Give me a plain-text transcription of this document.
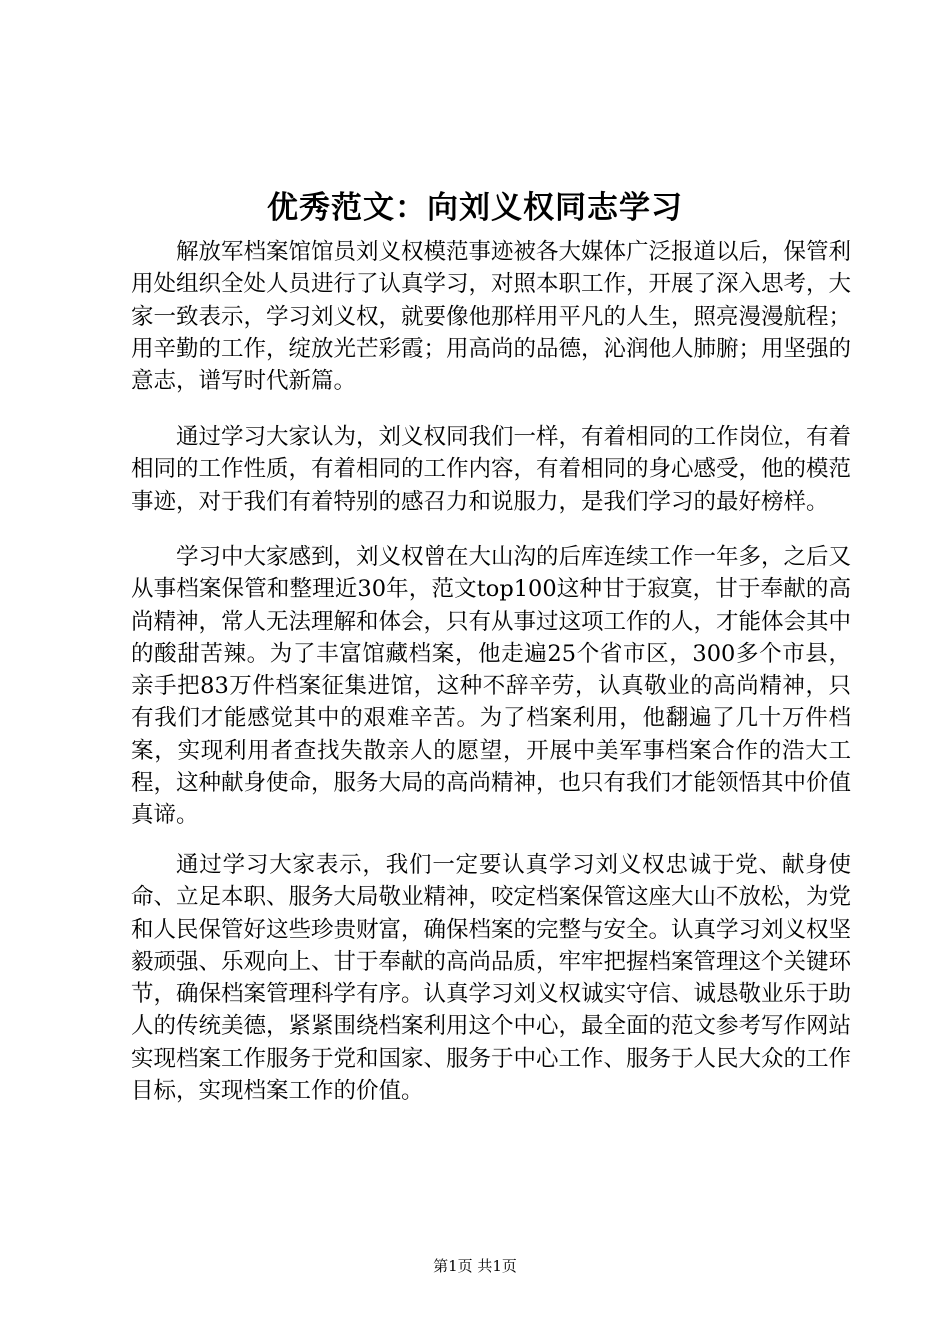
优秀范文：向刘义权同志学习

解放军档案馆馆员刘义权模范事迹被各大媒体广泛报道以后，保管利用处组织全处人员进行了认真学习，对照本职工作，开展了深入思考，大家一致表示，学习刘义权，就要像他那样用平凡的人生，照亮漫漫航程；用辛勤的工作，绽放光芒彩霞；用高尚的品德，沁润他人肺腑；用坚强的意志，谱写时代新篇。

通过学习大家认为，刘义权同我们一样，有着相同的工作岗位，有着相同的工作性质，有着相同的工作内容，有着相同的身心感受，他的模范事迹，对于我们有着特别的感召力和说服力，是我们学习的最好榜样。

学习中大家感到，刘义权曾在大山沟的后库连续工作一年多，之后又从事档案保管和整理近30年，范文top100这种甘于寂寞，甘于奉献的高尚精神，常人无法理解和体会，只有从事过这项工作的人，才能体会其中的酸甜苦辣。为了丰富馆藏档案，他走遍25个省市区，300多个市县，亲手把83万件档案征集进馆，这种不辞辛劳，认真敬业的高尚精神，只有我们才能感觉其中的艰难辛苦。为了档案利用，他翻遍了几十万件档案，实现利用者查找失散亲人的愿望，开展中美军事档案合作的浩大工程，这种献身使命，服务大局的高尚精神，也只有我们才能领悟其中价值真谛。

通过学习大家表示，我们一定要认真学习刘义权忠诚于党、献身使命、立足本职、服务大局敬业精神，咬定档案保管这座大山不放松，为党和人民保管好这些珍贵财富，确保档案的完整与安全。认真学习刘义权坚毅顽强、乐观向上、甘于奉献的高尚品质，牢牢把握档案管理这个关键环节，确保档案管理科学有序。认真学习刘义权诚实守信、诚恳敬业乐于助人的传统美德，紧紧围绕档案利用这个中心，最全面的范文参考写作网站实现档案工作服务于党和国家、服务于中心工作、服务于人民大众的工作目标，实现档案工作的价值。

第1页 共1页
